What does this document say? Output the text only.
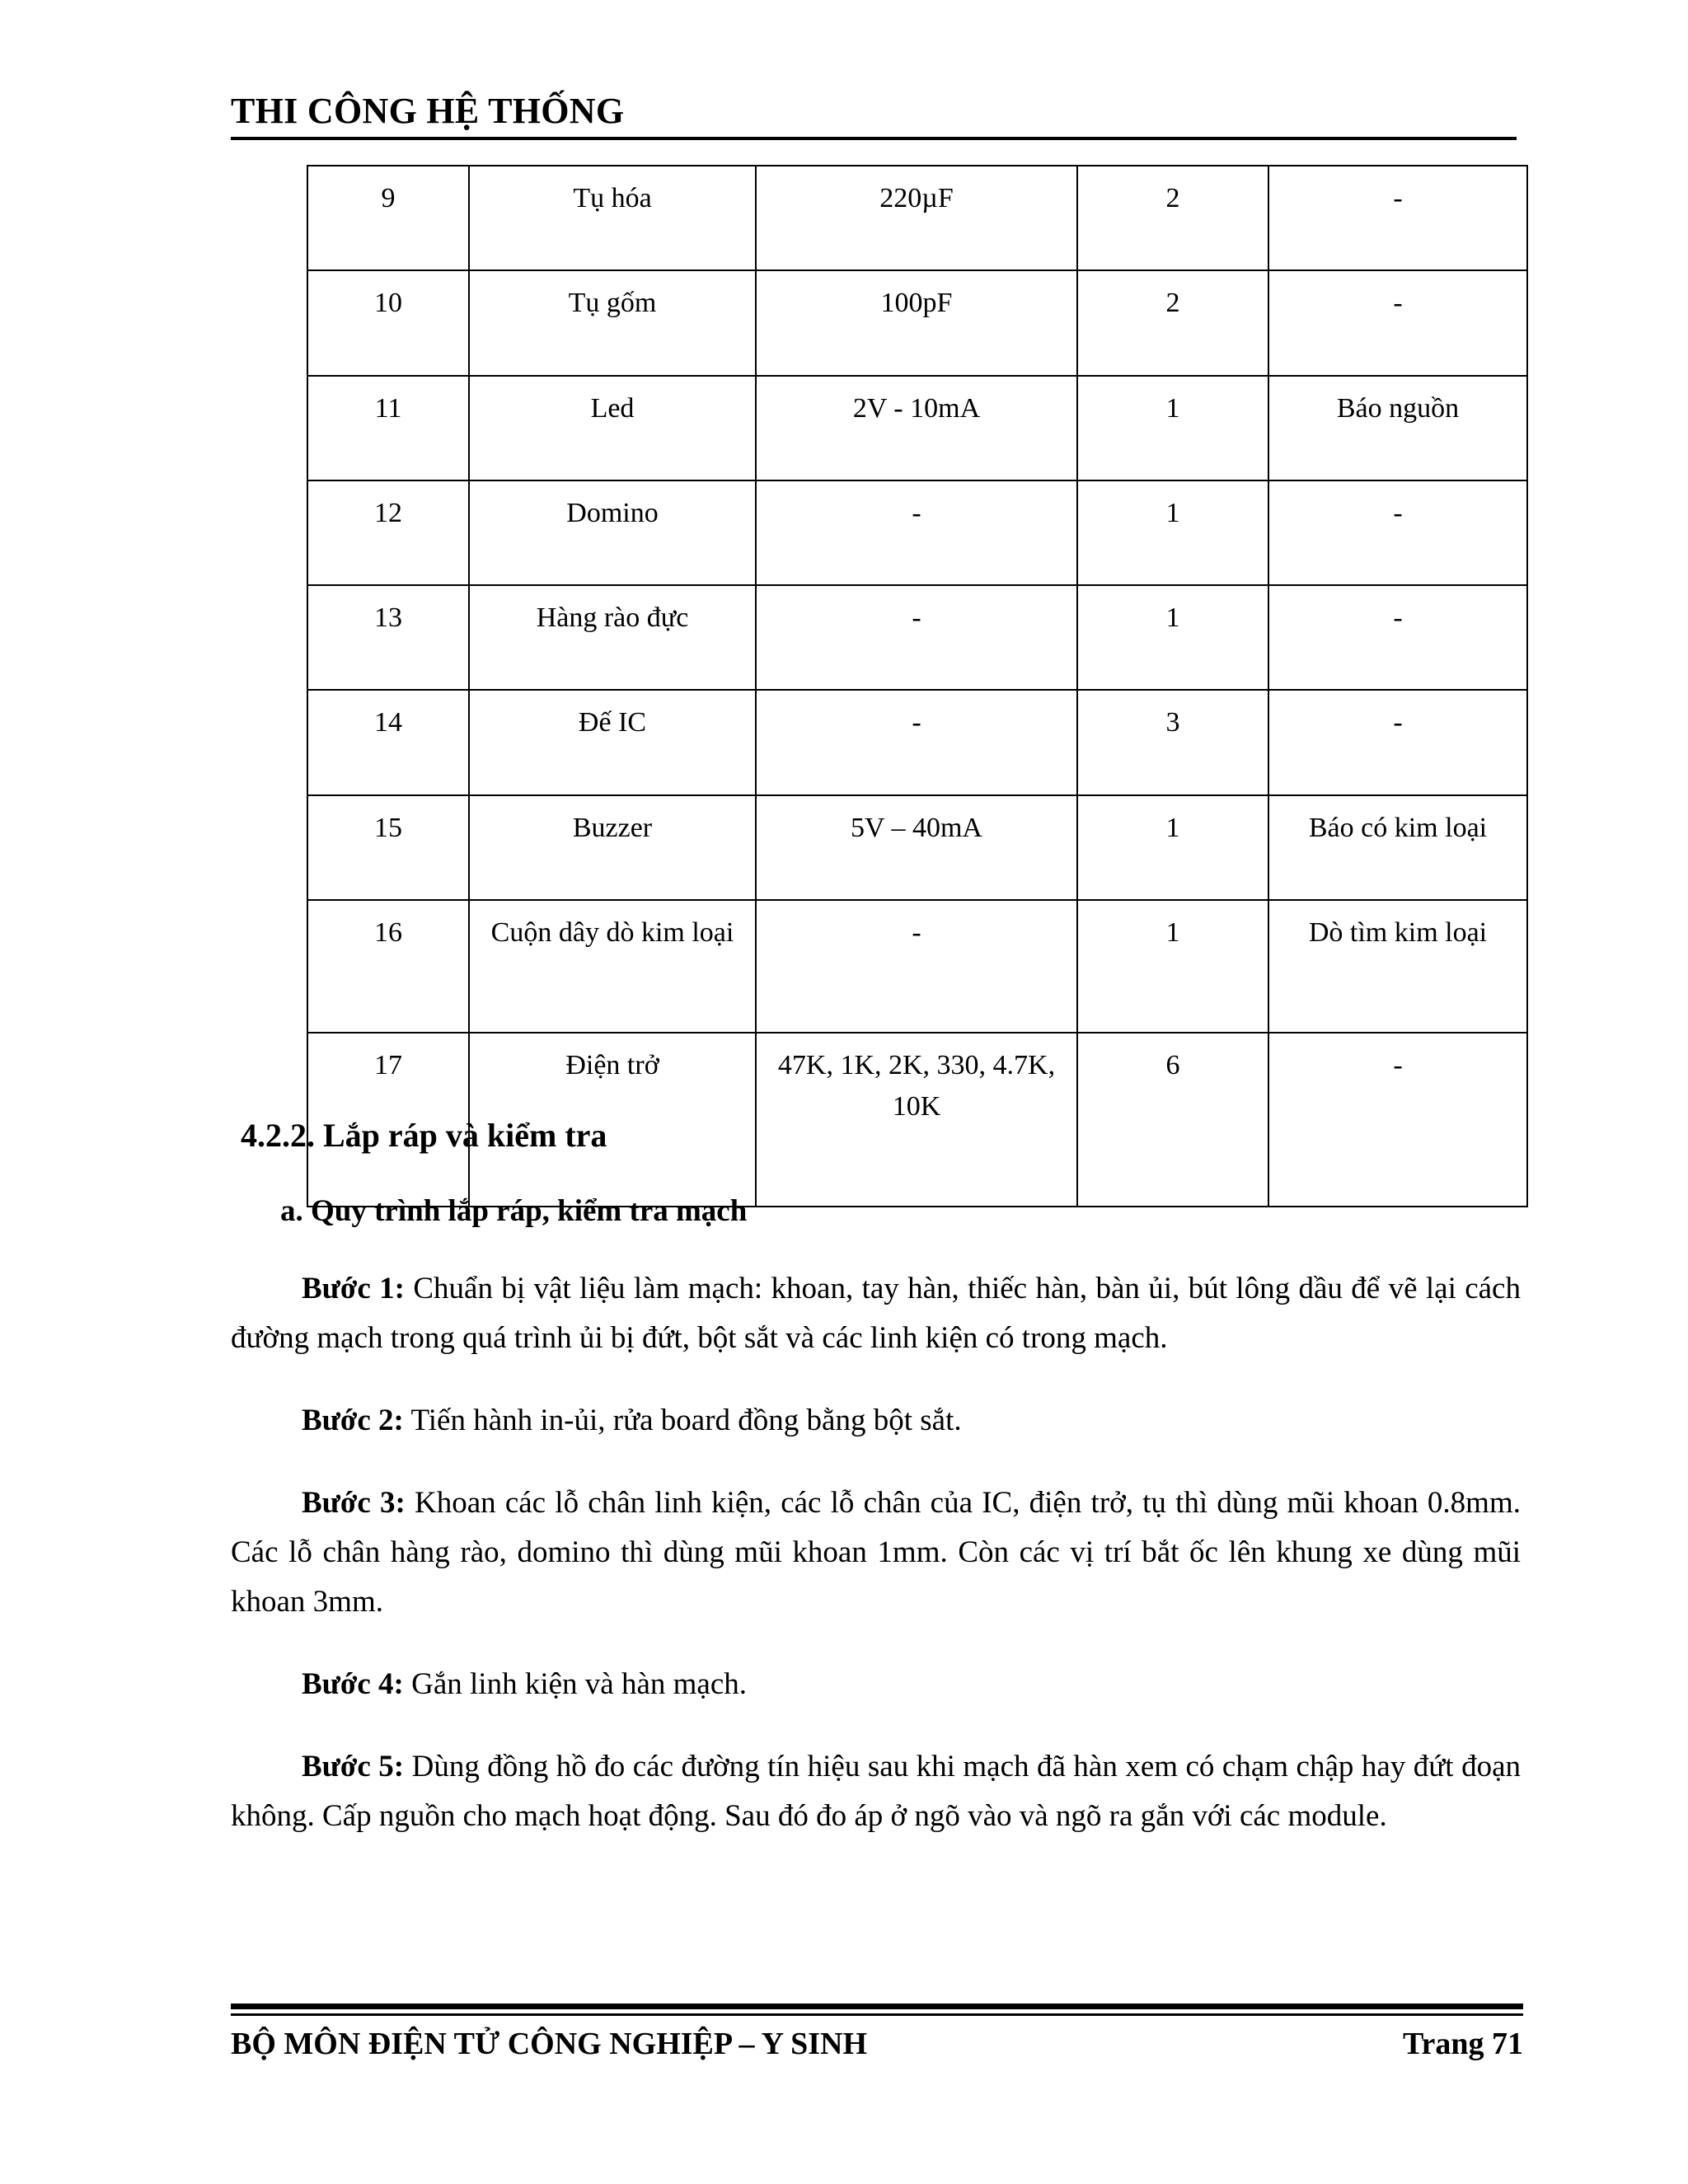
THI CÔNG HỆ THỐNG
9	Tụ hóa	220µF	2	-
10	Tụ gốm	100pF	2	-
11	Led	2V - 10mA	1	Báo nguồn
12	Domino	-	1	-
13	Hàng rào đực	-	1	-
14	Đế IC	-	3	-
15	Buzzer	5V – 40mA	1	Báo có kim loại
16	Cuộn dây dò kim loại	-	1	Dò tìm kim loại
17	Điện trở	47K, 1K, 2K, 330, 4.7K, 10K	6	-
4.2.2. Lắp ráp và kiểm tra
a. Quy trình lắp ráp, kiểm tra mạch

Bước 1: Chuẩn bị vật liệu làm mạch: khoan, tay hàn, thiếc hàn, bàn ủi, bút lông dầu để vẽ lại cách đường mạch trong quá trình ủi bị đứt, bột sắt và các linh kiện có trong mạch.

Bước 2: Tiến hành in-ủi, rửa board đồng bằng bột sắt.

Bước 3: Khoan các lỗ chân linh kiện, các lỗ chân của IC, điện trở, tụ thì dùng mũi khoan 0.8mm. Các lỗ chân hàng rào, domino thì dùng mũi khoan 1mm. Còn các vị trí bắt ốc lên khung xe dùng mũi khoan 3mm.

Bước 4: Gắn linh kiện và hàn mạch.

Bước 5: Dùng đồng hồ đo các đường tín hiệu sau khi mạch đã hàn xem có chạm chập hay đứt đoạn không. Cấp nguồn cho mạch hoạt động. Sau đó đo áp ở ngõ vào và ngõ ra gắn với các module.

BỘ MÔN ĐIỆN TỬ CÔNG NGHIỆP – Y SINH	Trang 71
